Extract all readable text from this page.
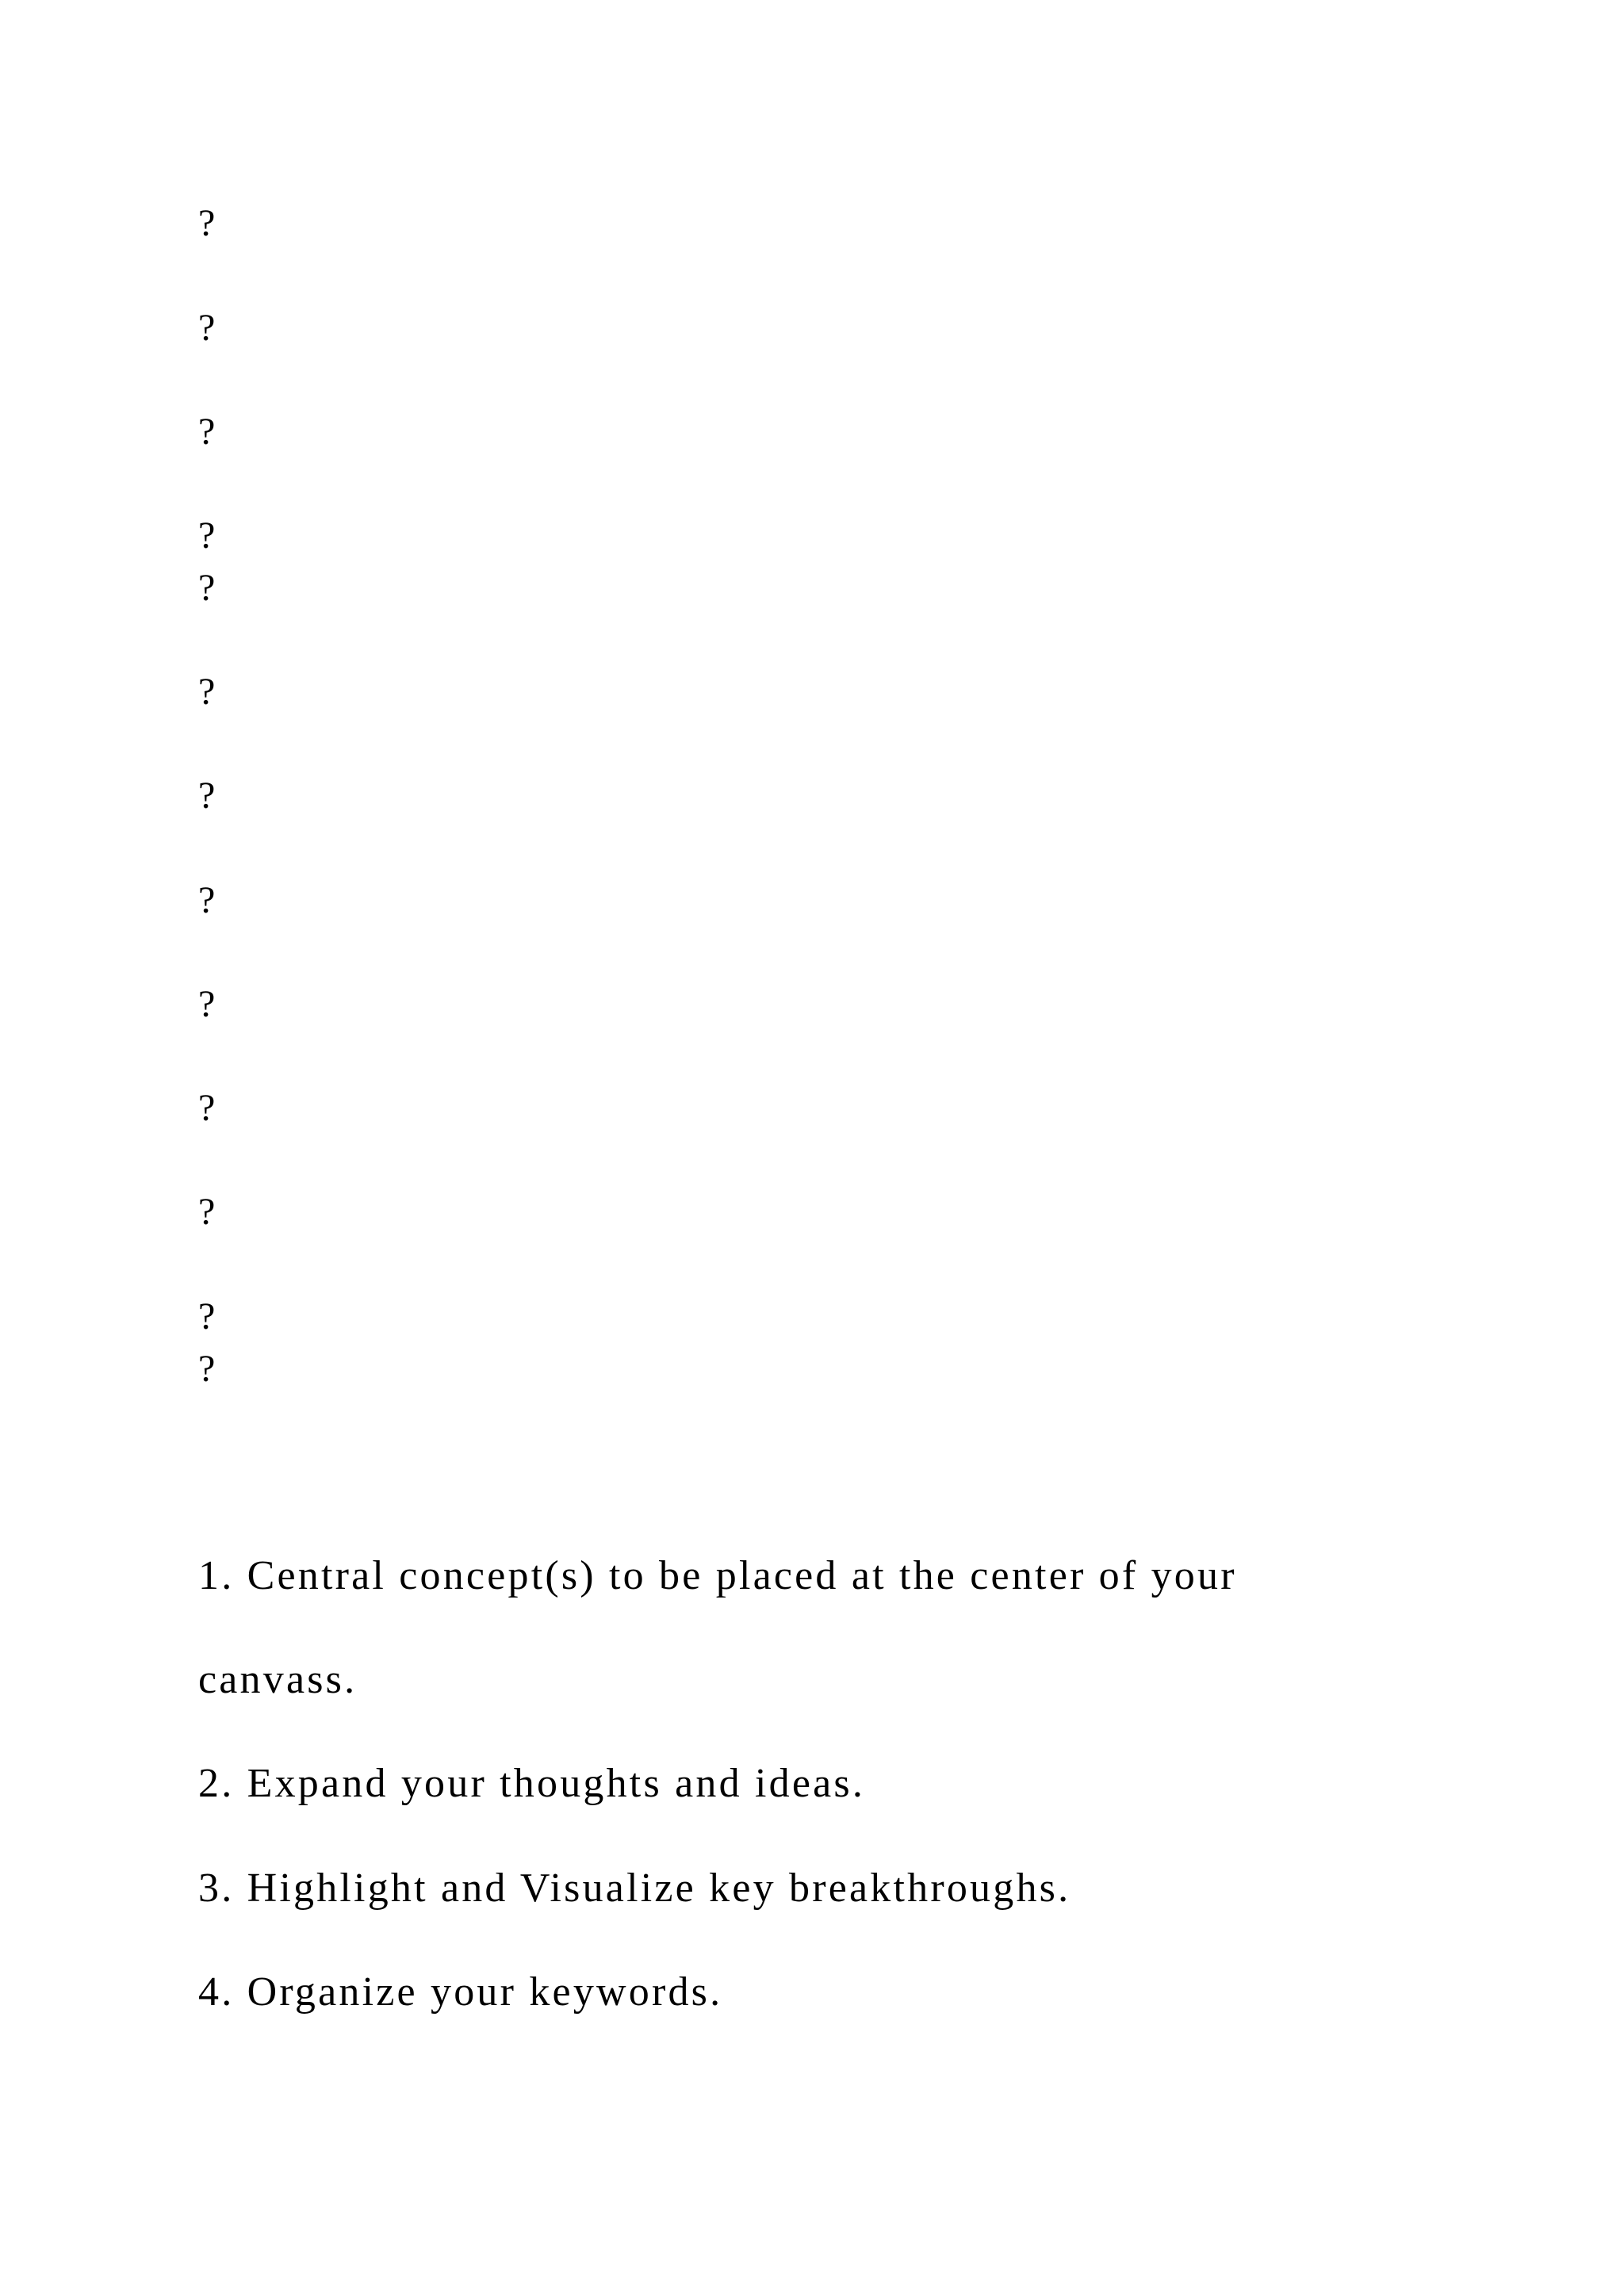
?
?
?
?
?
?
?
?
?
?
?
?
?
1. Central concept(s) to be placed at the center of your
canvass.
2. Expand your thoughts and ideas.
3. Highlight and Visualize key breakthroughs.
4. Organize your keywords.
